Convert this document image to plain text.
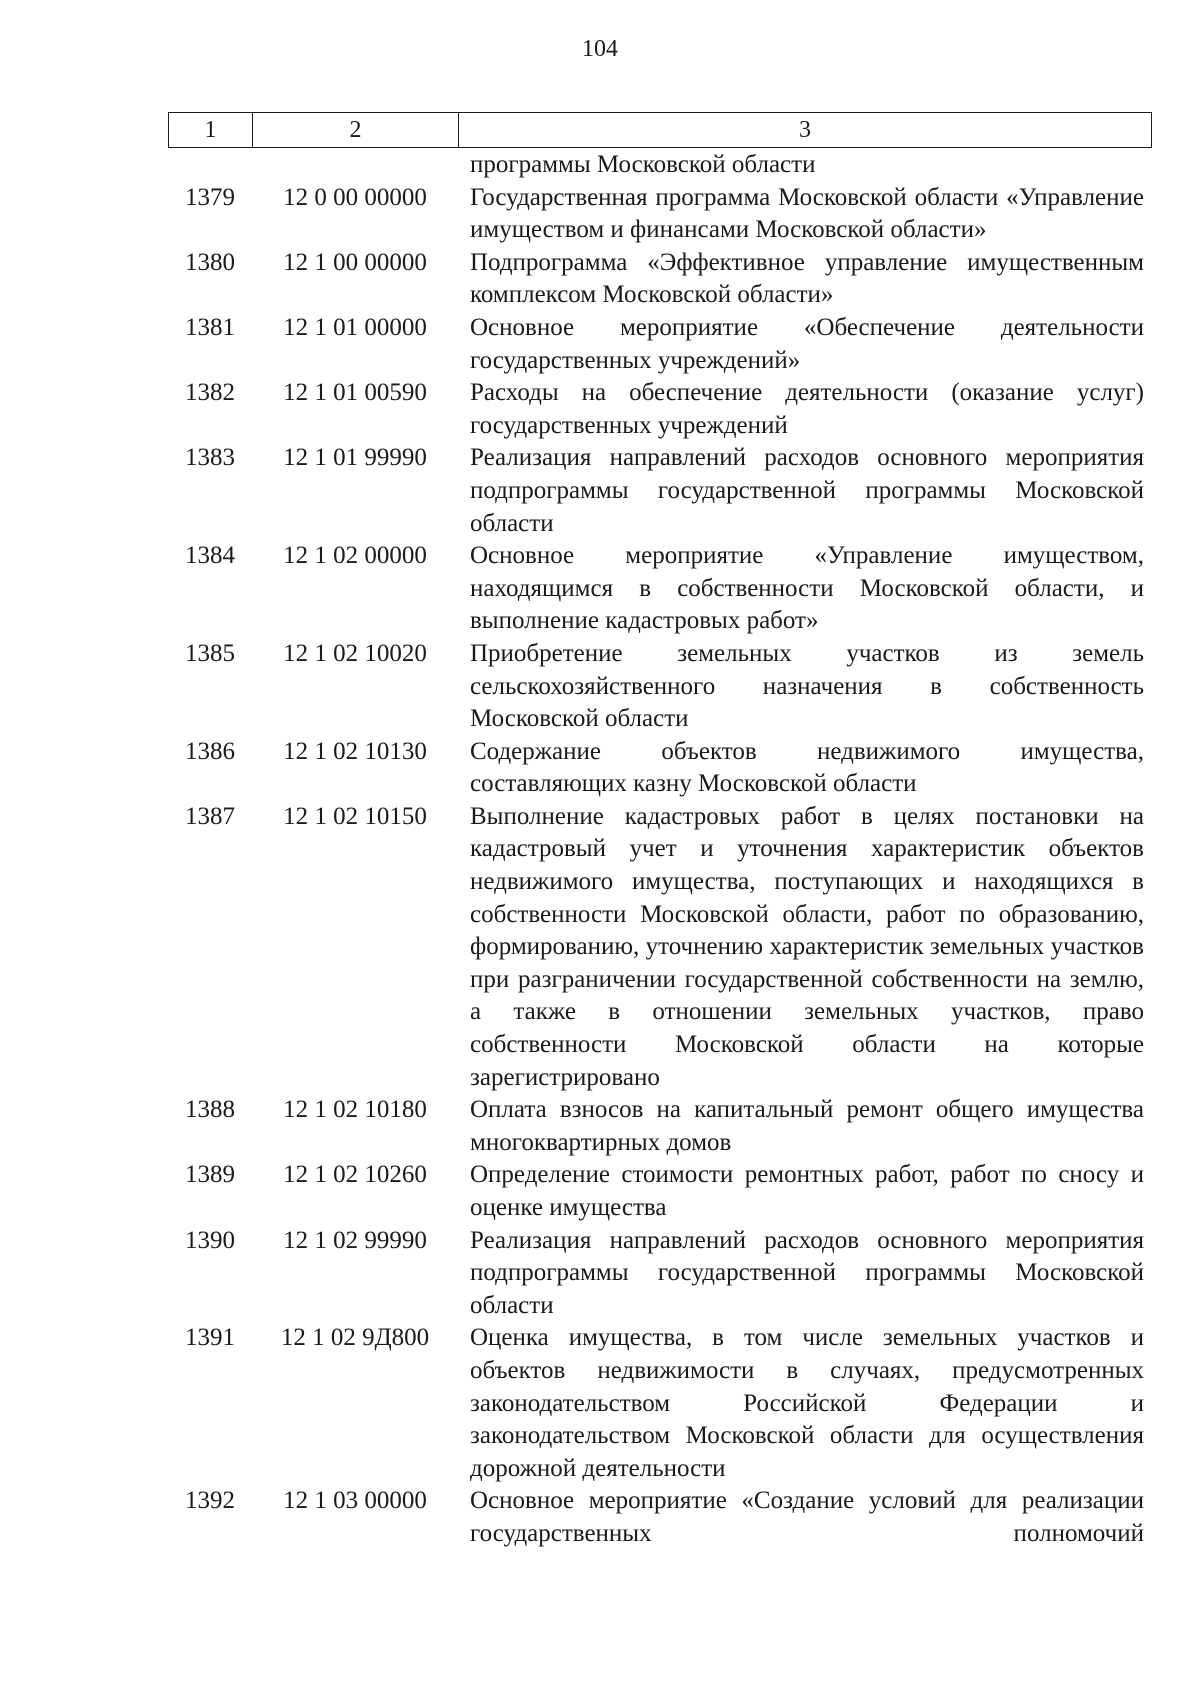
104
1	2	3
программы Московской области
1379	12 0 00 00000	Государственная программа Московской области «Управление имуществом и финансами Московской области»
1380	12 1 00 00000	Подпрограмма «Эффективное управление имущественным комплексом Московской области»
1381	12 1 01 00000	Основное мероприятие «Обеспечение деятельности государственных учреждений»
1382	12 1 01 00590	Расходы на обеспечение деятельности (оказание услуг) государственных учреждений
1383	12 1 01 99990	Реализация направлений расходов основного мероприятия подпрограммы государственной программы Московской области
1384	12 1 02 00000	Основное мероприятие «Управление имуществом, находящимся в собственности Московской области, и выполнение кадастровых работ»
1385	12 1 02 10020	Приобретение земельных участков из земель сельскохозяйственного назначения в собственность Московской области
1386	12 1 02 10130	Содержание объектов недвижимого имущества, составляющих казну Московской области
1387	12 1 02 10150	Выполнение кадастровых работ в целях постановки на кадастровый учет и уточнения характеристик объектов недвижимого имущества, поступающих и находящихся в собственности Московской области, работ по образованию, формированию, уточнению характеристик земельных участков при разграничении государственной собственности на землю, а также в отношении земельных участков, право собственности Московской области на которые зарегистрировано
1388	12 1 02 10180	Оплата взносов на капитальный ремонт общего имущества многоквартирных домов
1389	12 1 02 10260	Определение стоимости ремонтных работ, работ по сносу и оценке имущества
1390	12 1 02 99990	Реализация направлений расходов основного мероприятия подпрограммы государственной программы Московской области
1391	12 1 02 9Д800	Оценка имущества, в том числе земельных участков и объектов недвижимости в случаях, предусмотренных законодательством Российской Федерации и законодательством Московской области для осуществления дорожной деятельности
1392	12 1 03 00000	Основное мероприятие «Создание условий для реализации государственных полномочий
